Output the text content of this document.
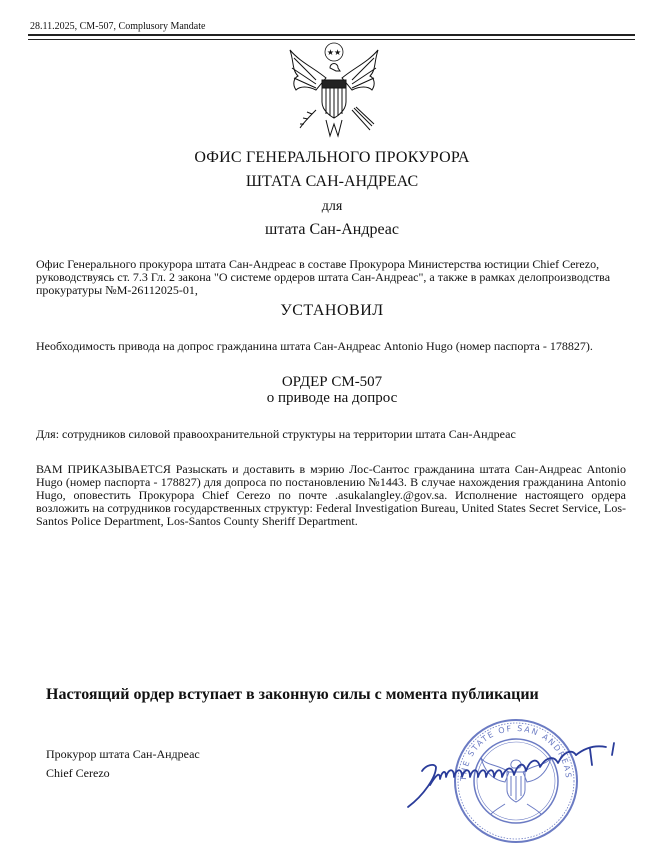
28.11.2025, CM-507, Complusory Mandate
★★
ОФИС ГЕНЕРАЛЬНОГО ПРОКУРОРА
ШТАТА САН-АНДРЕАС
для
штата Сан-Андреас
Офис Генерального прокурора штата Сан-Андреас в составе Прокурора Министерства юстиции Chief Cerezo, руководствуясь ст. 7.3 Гл. 2 закона "О системе ордеров штата Сан-Андреас", а также в рамках делопроизводства прокуратуры №M-26112025-01,
УСТАНОВИЛ
Необходимость привода на допрос гражданина штата Сан-Андреас Antonio Hugo (номер паспорта - 178827).
ОРДЕР CM-507
о приводе на допрос
Для: сотрудников силовой правоохранительной структуры на территории штата Сан-Андреас
ВАМ ПРИКАЗЫВАЕТСЯ Разыскать и доставить в мэрию Лос-Сантос гражданина штата Сан-Андреас Antonio Hugo (номер паспорта - 178827) для допроса по постановлению №1443. В случае нахождения гражданина Antonio Hugo, оповестить Прокурора Chief Cerezo по почте .asukalangley.@gov.sa. Исполнение настоящего ордера возложить на сотрудников государственных структур: Federal Investigation Bureau, United States Secret Service, Los-Santos Police Department, Los-Santos County Sheriff Department.
Настоящий ордер вступает в законную силы с момента публикации
Прокурор штата Сан-Андреас
Chief Cerezo	THE STATE OF SAN ANDREAS
